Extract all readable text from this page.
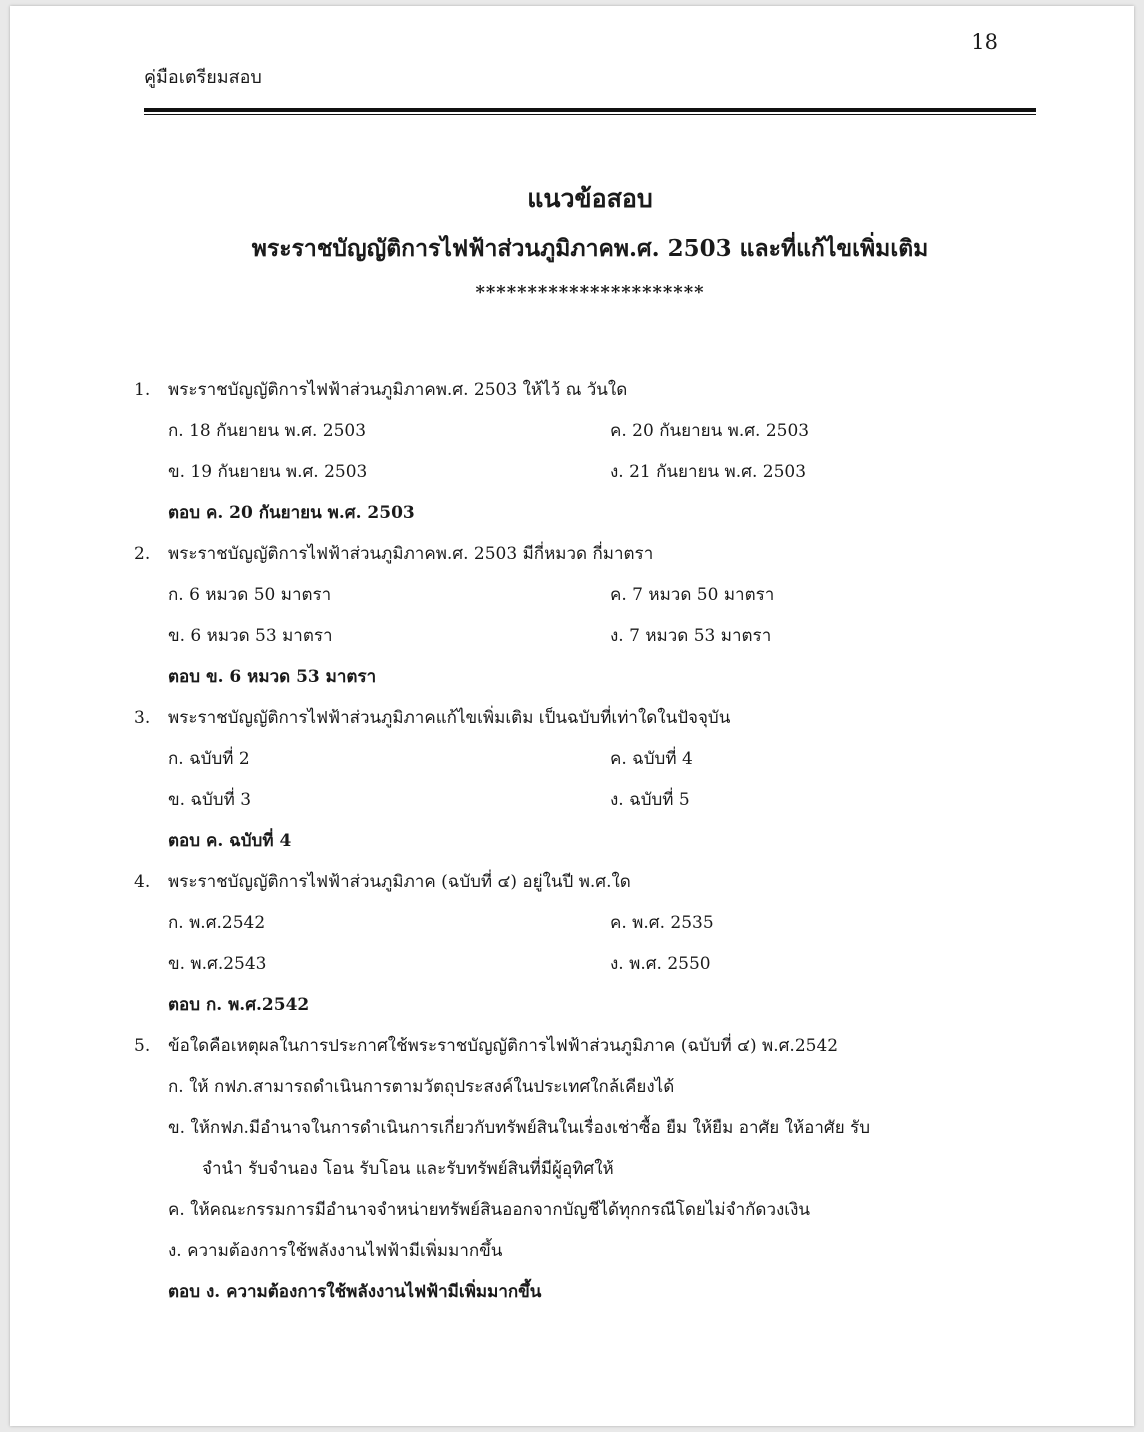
18
คู่มือเตรียมสอบ
แนวข้อสอบ
พระราชบัญญัติการไฟฟ้าส่วนภูมิภาคพ.ศ. 2503 และที่แก้ไขเพิ่มเติม
**********************
1. พระราชบัญญัติการไฟฟ้าส่วนภูมิภาคพ.ศ. 2503 ให้ไว้ ณ วันใด
ก. 18 กันยายน พ.ศ. 2503	ค. 20 กันยายน พ.ศ. 2503
ข. 19 กันยายน พ.ศ. 2503	ง. 21 กันยายน พ.ศ. 2503
ตอบ ค. 20 กันยายน พ.ศ. 2503
2. พระราชบัญญัติการไฟฟ้าส่วนภูมิภาคพ.ศ. 2503 มีกี่หมวด กี่มาตรา
ก. 6 หมวด 50 มาตรา	ค. 7 หมวด 50 มาตรา
ข. 6 หมวด 53 มาตรา	ง. 7 หมวด 53 มาตรา
ตอบ ข. 6 หมวด 53 มาตรา
3. พระราชบัญญัติการไฟฟ้าส่วนภูมิภาคแก้ไขเพิ่มเติม เป็นฉบับที่เท่าใดในปัจจุบัน
ก. ฉบับที่ 2	ค. ฉบับที่ 4
ข. ฉบับที่ 3	ง. ฉบับที่ 5
ตอบ ค. ฉบับที่ 4
4. พระราชบัญญัติการไฟฟ้าส่วนภูมิภาค (ฉบับที่ ๔) อยู่ในปี พ.ศ.ใด
ก. พ.ศ.2542	ค. พ.ศ. 2535
ข. พ.ศ.2543	ง. พ.ศ. 2550
ตอบ ก. พ.ศ.2542
5. ข้อใดคือเหตุผลในการประกาศใช้พระราชบัญญัติการไฟฟ้าส่วนภูมิภาค (ฉบับที่ ๔) พ.ศ.2542
ก. ให้ กฟภ.สามารถดำเนินการตามวัตถุประสงค์ในประเทศใกล้เคียงได้
ข. ให้กฟภ.มีอำนาจในการดำเนินการเกี่ยวกับทรัพย์สินในเรื่องเช่าซื้อ ยืม ให้ยืม อาศัย ให้อาศัย รับ
จำนำ รับจำนอง โอน รับโอน และรับทรัพย์สินที่มีผู้อุทิศให้
ค. ให้คณะกรรมการมีอำนาจจำหน่ายทรัพย์สินออกจากบัญชีได้ทุกกรณีโดยไม่จำกัดวงเงิน
ง. ความต้องการใช้พลังงานไฟฟ้ามีเพิ่มมากขึ้น
ตอบ ง. ความต้องการใช้พลังงานไฟฟ้ามีเพิ่มมากขึ้น
